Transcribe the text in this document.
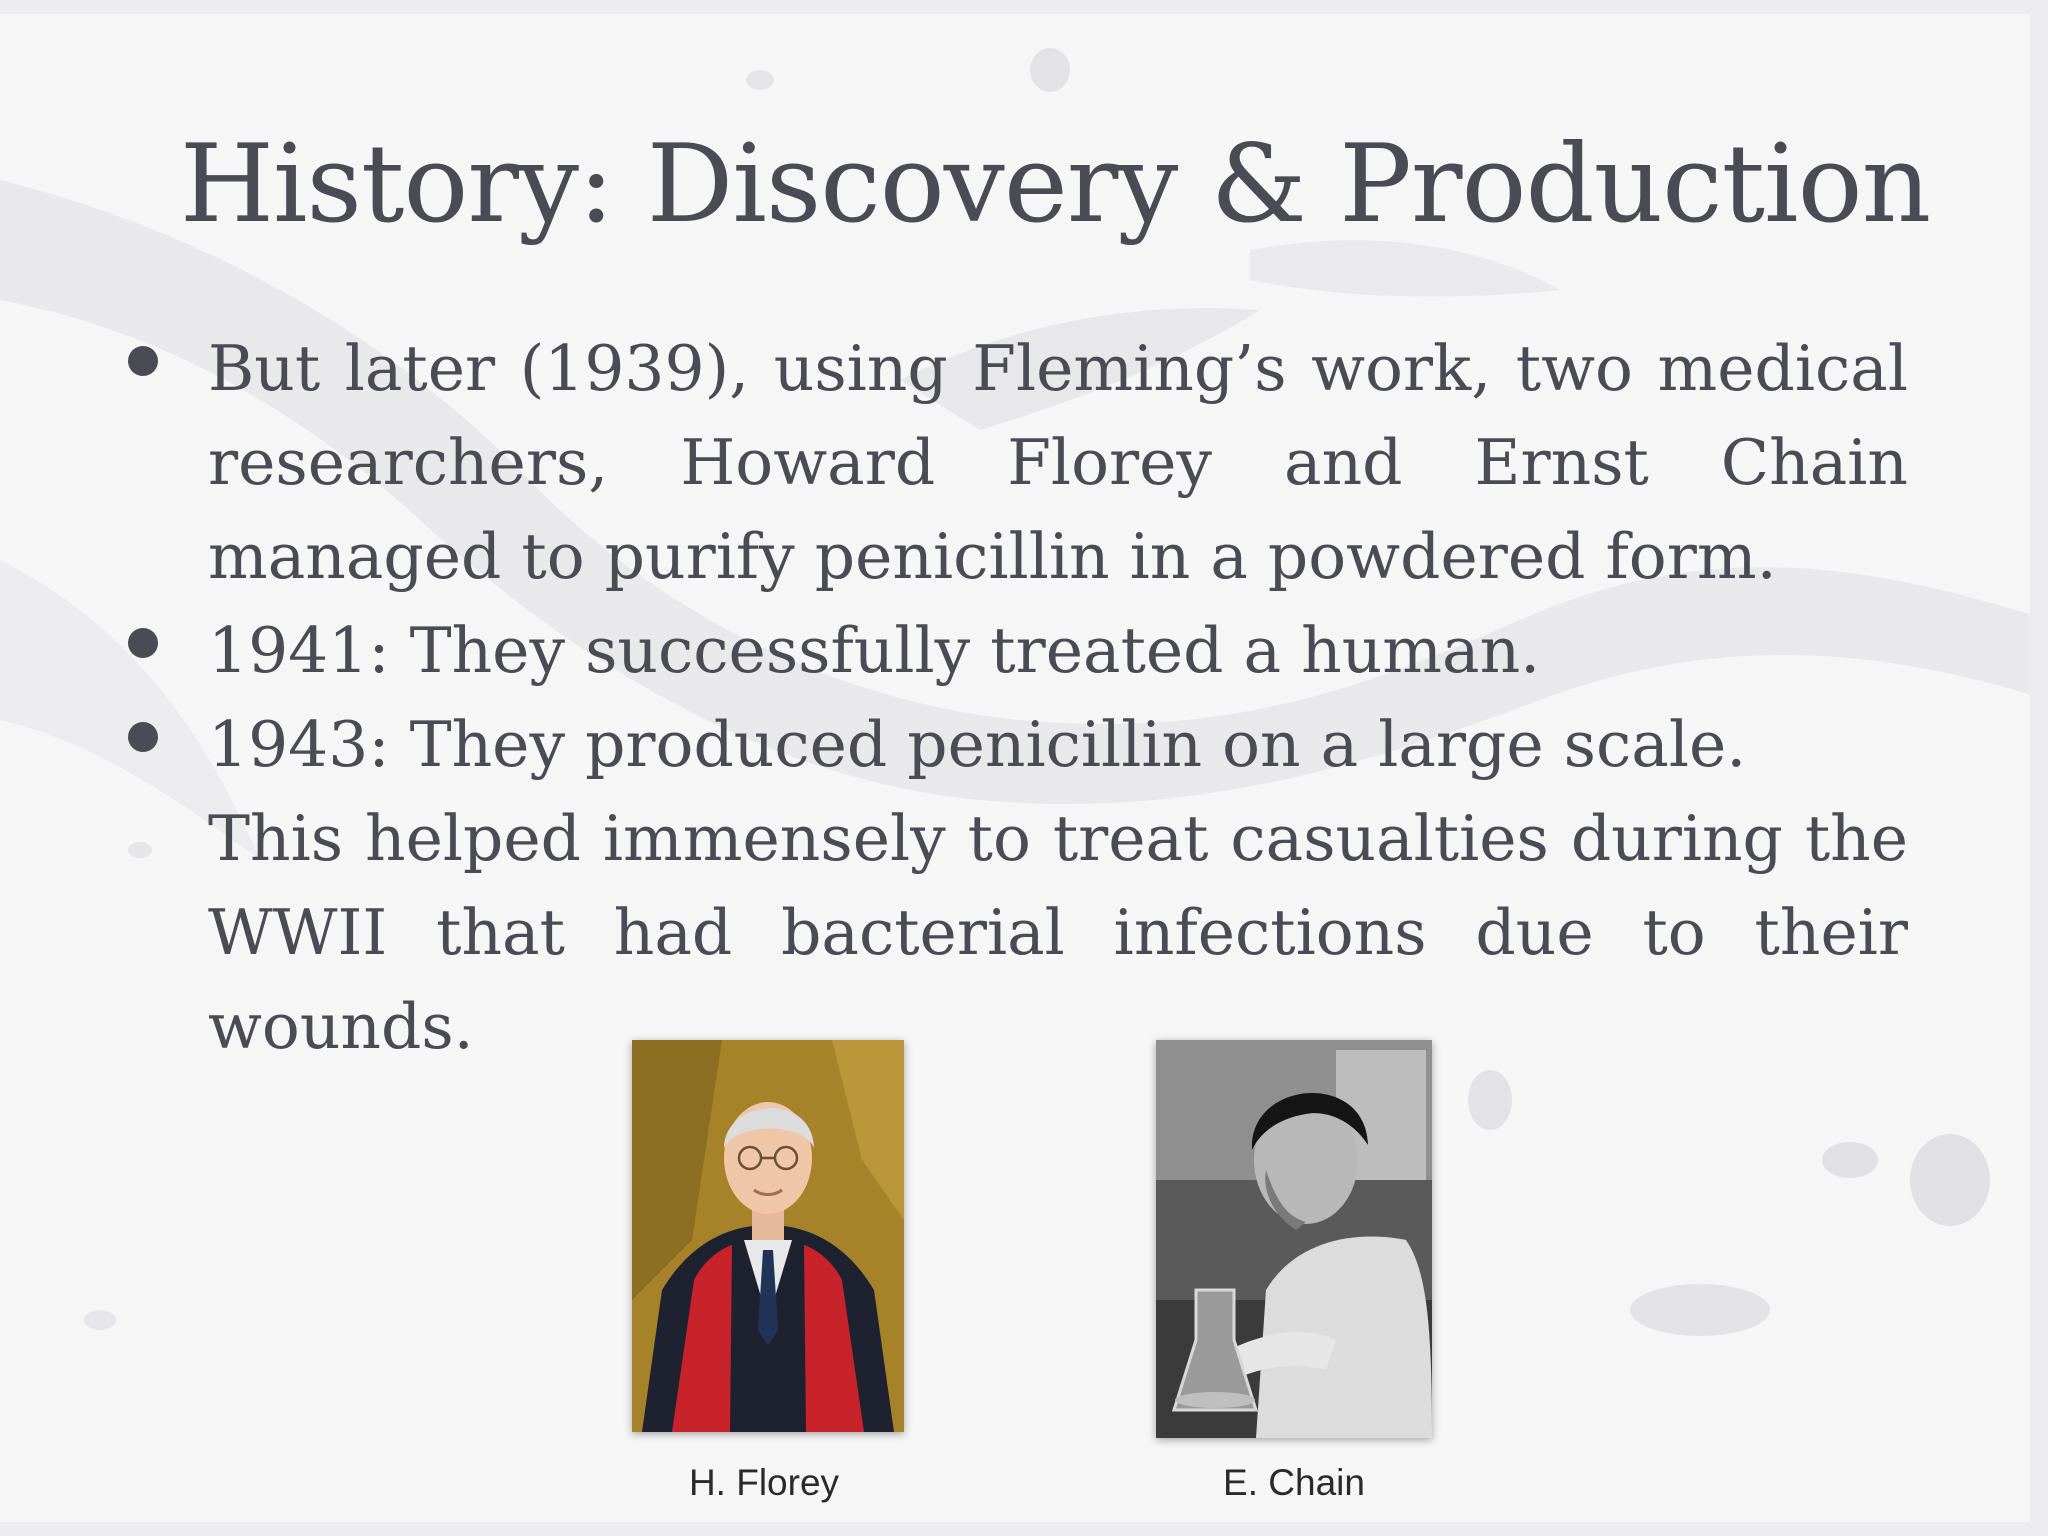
History: Discovery & Production

But later (1939), using Fleming’s work, two medical researchers, Howard Florey and Ernst Chain managed to purify penicillin in a powdered form.

1941: They successfully treated a human.

1943: They produced penicillin on a large scale.

This helped immensely to treat casualties during the WWII that had bacterial infections due to their wounds.

H. Florey	E. Chain
